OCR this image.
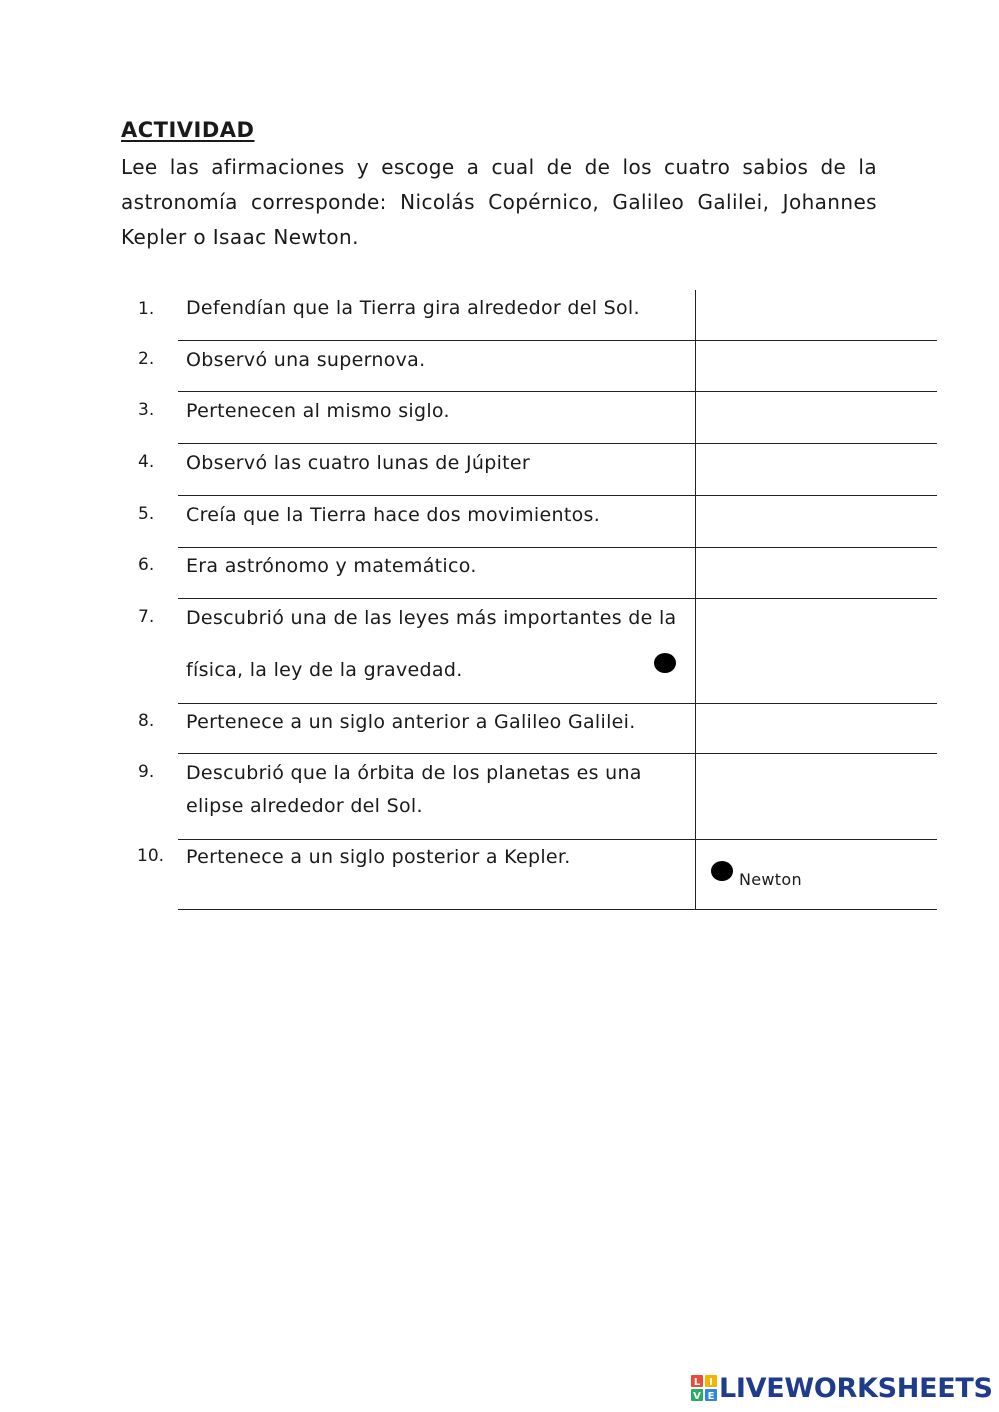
ACTIVIDAD
Lee las afirmaciones y escoge a cual de de los cuatro sabios de la astronomía corresponde: Nicolás Copérnico, Galileo Galilei, Johannes Kepler o Isaac Newton.
1. Defendían que la Tierra gira alrededor del Sol.
2. Observó una supernova.
3. Pertenecen al mismo siglo.
4. Observó las cuatro lunas de Júpiter
5. Creía que la Tierra hace dos movimientos.
6. Era astrónomo y matemático.
7. Descubrió una de las leyes más importantes de la
física, la ley de la gravedad.
8. Pertenece a un siglo anterior a Galileo Galilei.
9. Descubrió que la órbita de los planetas es una
elipse alrededor del Sol.
10. Pertenece a un siglo posterior a Kepler.
Newton
L I
V E LIVEWORKSHEETS
